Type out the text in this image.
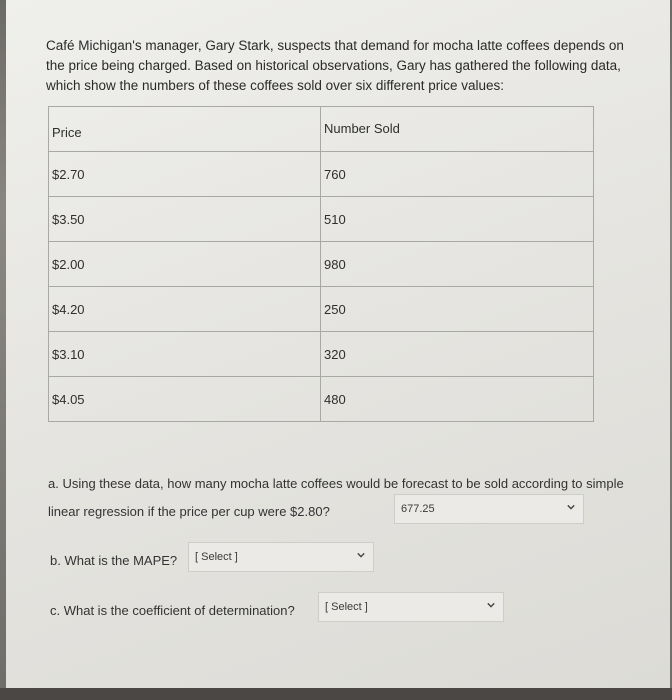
Café Michigan's manager, Gary Stark, suspects that demand for mocha latte coffees depends on the price being charged. Based on historical observations, Gary has gathered the following data, which show the numbers of these coffees sold over six different price values:
Price	Number Sold
$2.70	760
$3.50	510
$2.00	980
$4.20	250
$3.10	320
$4.05	480
a. Using these data, how many mocha latte coffees would be forecast to be sold according to simple linear regression if the price per cup were $2.80?	677.25
b. What is the MAPE? [ Select ]
c. What is the coefficient of determination?	[ Select ]
